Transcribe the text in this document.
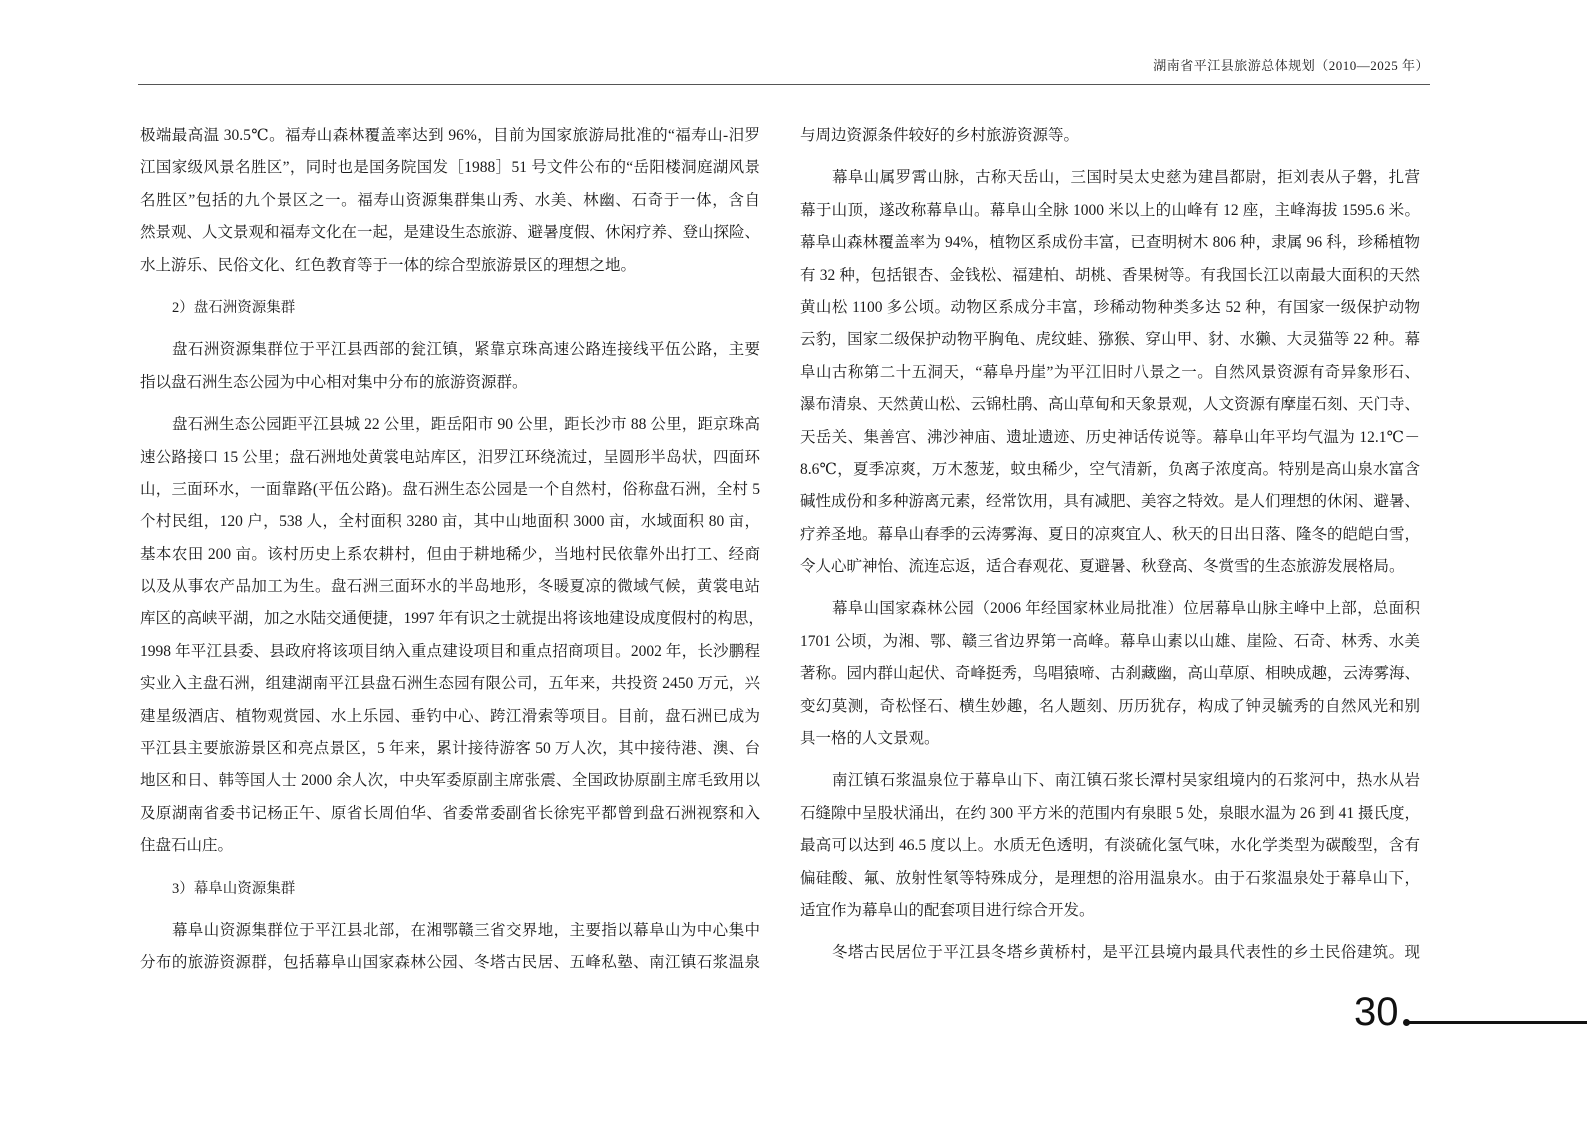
湖南省平江县旅游总体规划（2010—2025 年）
极端最高温 30.5℃。福寿山森林覆盖率达到 96%，目前为国家旅游局批准的“福寿山-汨罗
江国家级风景名胜区”，同时也是国务院国发［1988］51 号文件公布的“岳阳楼洞庭湖风景
名胜区”包括的九个景区之一。福寿山资源集群集山秀、水美、林幽、石奇于一体，含自
然景观、人文景观和福寿文化在一起，是建设生态旅游、避暑度假、休闲疗养、登山探险、
水上游乐、民俗文化、红色教育等于一体的综合型旅游景区的理想之地。
2）盘石洲资源集群
盘石洲资源集群位于平江县西部的瓮江镇，紧靠京珠高速公路连接线平伍公路，主要
指以盘石洲生态公园为中心相对集中分布的旅游资源群。
盘石洲生态公园距平江县城 22 公里，距岳阳市 90 公里，距长沙市 88 公里，距京珠高
速公路接口 15 公里；盘石洲地处黄裳电站库区，汨罗江环绕流过，呈圆形半岛状，四面环
山，三面环水，一面靠路(平伍公路)。盘石洲生态公园是一个自然村，俗称盘石洲，全村 5
个村民组，120 户，538 人，全村面积 3280 亩，其中山地面积 3000 亩，水域面积 80 亩，
基本农田 200 亩。该村历史上系农耕村，但由于耕地稀少，当地村民依靠外出打工、经商
以及从事农产品加工为生。盘石洲三面环水的半岛地形，冬暖夏凉的微域气候，黄裳电站
库区的高峡平湖，加之水陆交通便捷，1997 年有识之士就提出将该地建设成度假村的构思，
1998 年平江县委、县政府将该项目纳入重点建设项目和重点招商项目。2002 年，长沙鹏程
实业入主盘石洲，组建湖南平江县盘石洲生态园有限公司，五年来，共投资 2450 万元，兴
建星级酒店、植物观赏园、水上乐园、垂钓中心、跨江滑索等项目。目前，盘石洲已成为
平江县主要旅游景区和亮点景区，5 年来，累计接待游客 50 万人次，其中接待港、澳、台
地区和日、韩等国人士 2000 余人次，中央军委原副主席张震、全国政协原副主席毛致用以
及原湖南省委书记杨正午、原省长周伯华、省委常委副省长徐宪平都曾到盘石洲视察和入
住盘石山庄。
3）幕阜山资源集群
幕阜山资源集群位于平江县北部，在湘鄂赣三省交界地，主要指以幕阜山为中心集中
分布的旅游资源群，包括幕阜山国家森林公园、冬塔古民居、五峰私塾、南江镇石浆温泉
与周边资源条件较好的乡村旅游资源等。
幕阜山属罗霄山脉，古称天岳山，三国时吴太史慈为建昌都尉，拒刘表从子磐，扎营
幕于山顶，遂改称幕阜山。幕阜山全脉 1000 米以上的山峰有 12 座，主峰海拔 1595.6 米。
幕阜山森林覆盖率为 94%，植物区系成份丰富，已查明树木 806 种，隶属 96 科，珍稀植物
有 32 种，包括银杏、金钱松、福建柏、胡桃、香果树等。有我国长江以南最大面积的天然
黄山松 1100 多公顷。动物区系成分丰富，珍稀动物种类多达 52 种，有国家一级保护动物
云豹，国家二级保护动物平胸龟、虎纹蛙、猕猴、穿山甲、豺、水獭、大灵猫等 22 种。幕
阜山古称第二十五洞天，“幕阜丹崖”为平江旧时八景之一。自然风景资源有奇异象形石、
瀑布清泉、天然黄山松、云锦杜鹃、高山草甸和天象景观，人文资源有摩崖石刻、天门寺、
天岳关、集善宫、沸沙神庙、遗址遗迹、历史神话传说等。幕阜山年平均气温为 12.1℃－
8.6℃，夏季凉爽，万木葱茏，蚊虫稀少，空气清新，负离子浓度高。特别是高山泉水富含
碱性成份和多种游离元素，经常饮用，具有减肥、美容之特效。是人们理想的休闲、避暑、
疗养圣地。幕阜山春季的云涛雾海、夏日的凉爽宜人、秋天的日出日落、隆冬的皑皑白雪，
令人心旷神怡、流连忘返，适合春观花、夏避暑、秋登高、冬赏雪的生态旅游发展格局。
幕阜山国家森林公园（2006 年经国家林业局批准）位居幕阜山脉主峰中上部，总面积
1701 公顷，为湘、鄂、赣三省边界第一高峰。幕阜山素以山雄、崖险、石奇、林秀、水美
著称。园内群山起伏、奇峰挺秀，鸟唱猿啼、古刹藏幽，高山草原、相映成趣，云涛雾海、
变幻莫测，奇松怪石、横生妙趣，名人题刻、历历犹存，构成了钟灵毓秀的自然风光和别
具一格的人文景观。
南江镇石浆温泉位于幕阜山下、南江镇石浆长潭村吴家组境内的石浆河中，热水从岩
石缝隙中呈股状涌出，在约 300 平方米的范围内有泉眼 5 处，泉眼水温为 26 到 41 摄氏度，
最高可以达到 46.5 度以上。水质无色透明，有淡硫化氢气味，水化学类型为碳酸型，含有
偏硅酸、氟、放射性氡等特殊成分，是理想的浴用温泉水。由于石浆温泉处于幕阜山下，
适宜作为幕阜山的配套项目进行综合开发。
冬塔古民居位于平江县冬塔乡黄桥村，是平江县境内最具代表性的乡土民俗建筑。现
30
